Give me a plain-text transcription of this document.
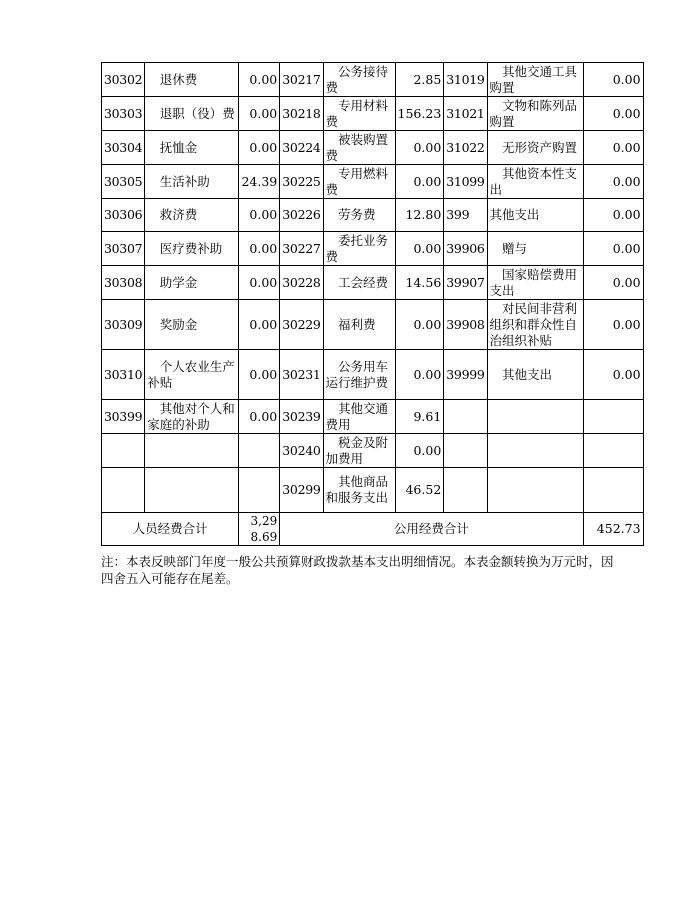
30302	退休费	0.00	30217	公务接待费	2.85	31019	其他交通工具购置	0.00
30303	退职（役）费	0.00	30218	专用材料费	156.23	31021	文物和陈列品购置	0.00
30304	抚恤金	0.00	30224	被装购置费	0.00	31022	无形资产购置	0.00
30305	生活补助	24.39	30225	专用燃料费	0.00	31099	其他资本性支出	0.00
30306	救济费	0.00	30226	劳务费	12.80	399	其他支出	0.00
30307	医疗费补助	0.00	30227	委托业务费	0.00	39906	赠与	0.00
30308	助学金	0.00	30228	工会经费	14.56	39907	国家赔偿费用支出	0.00
30309	奖励金	0.00	30229	福利费	0.00	39908	对民间非营利组织和群众性自治组织补贴	0.00
30310	个人农业生产补贴	0.00	30231	公务用车运行维护费	0.00	39999	其他支出	0.00
30399	其他对个人和家庭的补助	0.00	30239	其他交通费用	9.61			
			30240	税金及附加费用	0.00			
			30299	其他商品和服务支出	46.52			
人员经费合计		3,298.69	公用经费合计					452.73
注：本表反映部门年度一般公共预算财政拨款基本支出明细情况。本表金额转换为万元时，因四舍五入可能存在尾差。
